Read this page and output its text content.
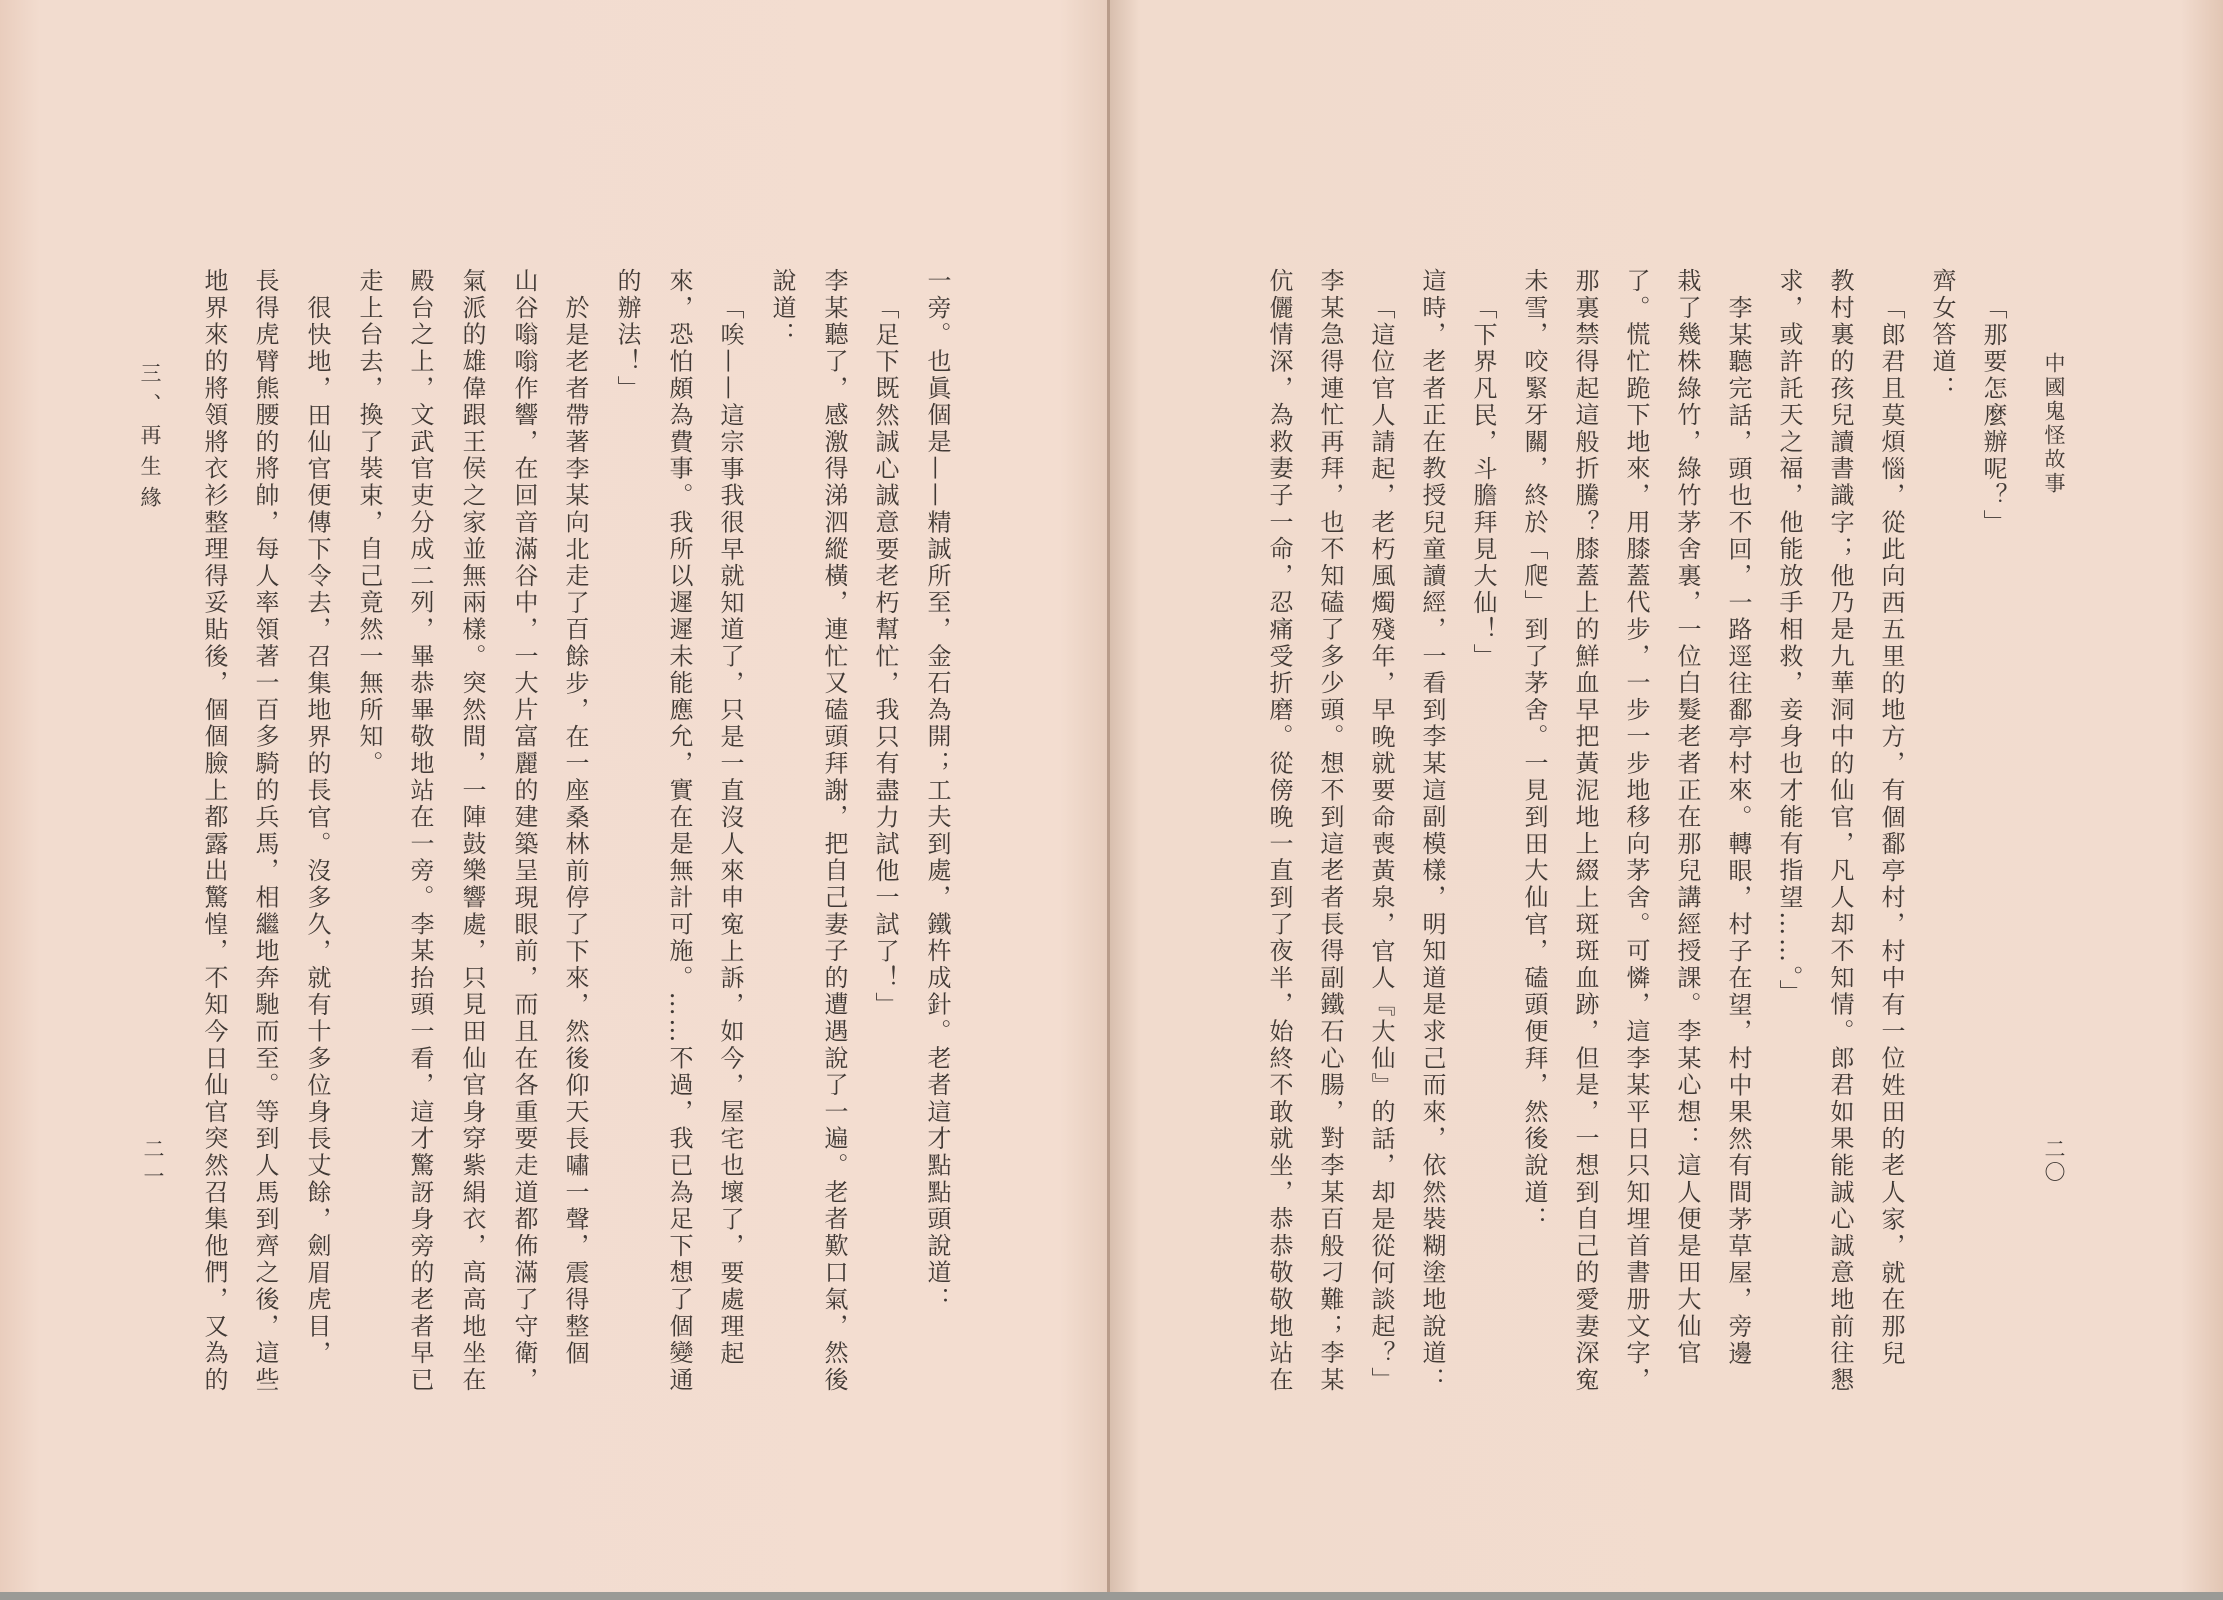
三、再生緣
二一	一旁。也眞個是——精誠所至，金石為開；工夫到處，鐵杵成針。老者這才點點頭說道：
「足下既然誠心誠意要老朽幫忙，我只有盡力試他一試了！」
李某聽了，感激得涕泗縱橫，連忙又磕頭拜謝，把自己妻子的遭遇說了一遍。老者歎口氣，然後
說道：
「唉——這宗事我很早就知道了，只是一直沒人來申寃上訴，如今，屋宅也壞了，要處理起
來，恐怕頗為費事。我所以遲遲未能應允，實在是無計可施。……不過，我已為足下想了個變通
的辦法！」
於是老者帶著李某向北走了百餘步，在一座桑林前停了下來，然後仰天長嘯一聲，震得整個
山谷嗡嗡作響，在回音滿谷中，一大片富麗的建築呈現眼前，而且在各重要走道都佈滿了守衛，
氣派的雄偉跟王侯之家並無兩樣。突然間，一陣鼓樂響處，只見田仙官身穿紫絹衣，高高地坐在
殿台之上，文武官吏分成二列，畢恭畢敬地站在一旁。李某抬頭一看，這才驚訝身旁的老者早已
走上台去，換了裝束，自己竟然一無所知。
很快地，田仙官便傳下令去，召集地界的長官。沒多久，就有十多位身長丈餘，劍眉虎目，
長得虎臂熊腰的將帥，每人率領著一百多騎的兵馬，相繼地奔馳而至。等到人馬到齊之後，這些
地界來的將領將衣衫整理得妥貼後，個個臉上都露出驚惶，不知今日仙官突然召集他們，又為的	中國鬼怪故事
二〇
「那要怎麼辦呢？」
齊女答道：
「郎君且莫煩惱，從此向西五里的地方，有個鄱亭村，村中有一位姓田的老人家，就在那兒
教村裏的孩兒讀書識字；他乃是九華洞中的仙官，凡人却不知情。郎君如果能誠心誠意地前往懇
求，或許託天之福，他能放手相救，妾身也才能有指望……。」
李某聽完話，頭也不回，一路逕往鄱亭村來。轉眼，村子在望，村中果然有間茅草屋，旁邊
栽了幾株綠竹，綠竹茅舍裏，一位白髮老者正在那兒講經授課。李某心想：這人便是田大仙官
了。慌忙跪下地來，用膝蓋代步，一步一步地移向茅舍。可憐，這李某平日只知埋首書册文字，
那裏禁得起這般折騰？膝蓋上的鮮血早把黃泥地上綴上斑斑血跡，但是，一想到自己的愛妻深寃
未雪，咬緊牙關，終於「爬」到了茅舍。一見到田大仙官，磕頭便拜，然後說道：
「下界凡民，斗膽拜見大仙！」
這時，老者正在教授兒童讀經，一看到李某這副模樣，明知道是求己而來，依然裝糊塗地說道：
「這位官人請起，老朽風燭殘年，早晚就要命喪黃泉，官人『大仙』的話，却是從何談起？」
李某急得連忙再拜，也不知磕了多少頭。想不到這老者長得副鐵石心腸，對李某百般刁難；李某
伉儷情深，為救妻子一命，忍痛受折磨。從傍晚一直到了夜半，始終不敢就坐，恭恭敬敬地站在
